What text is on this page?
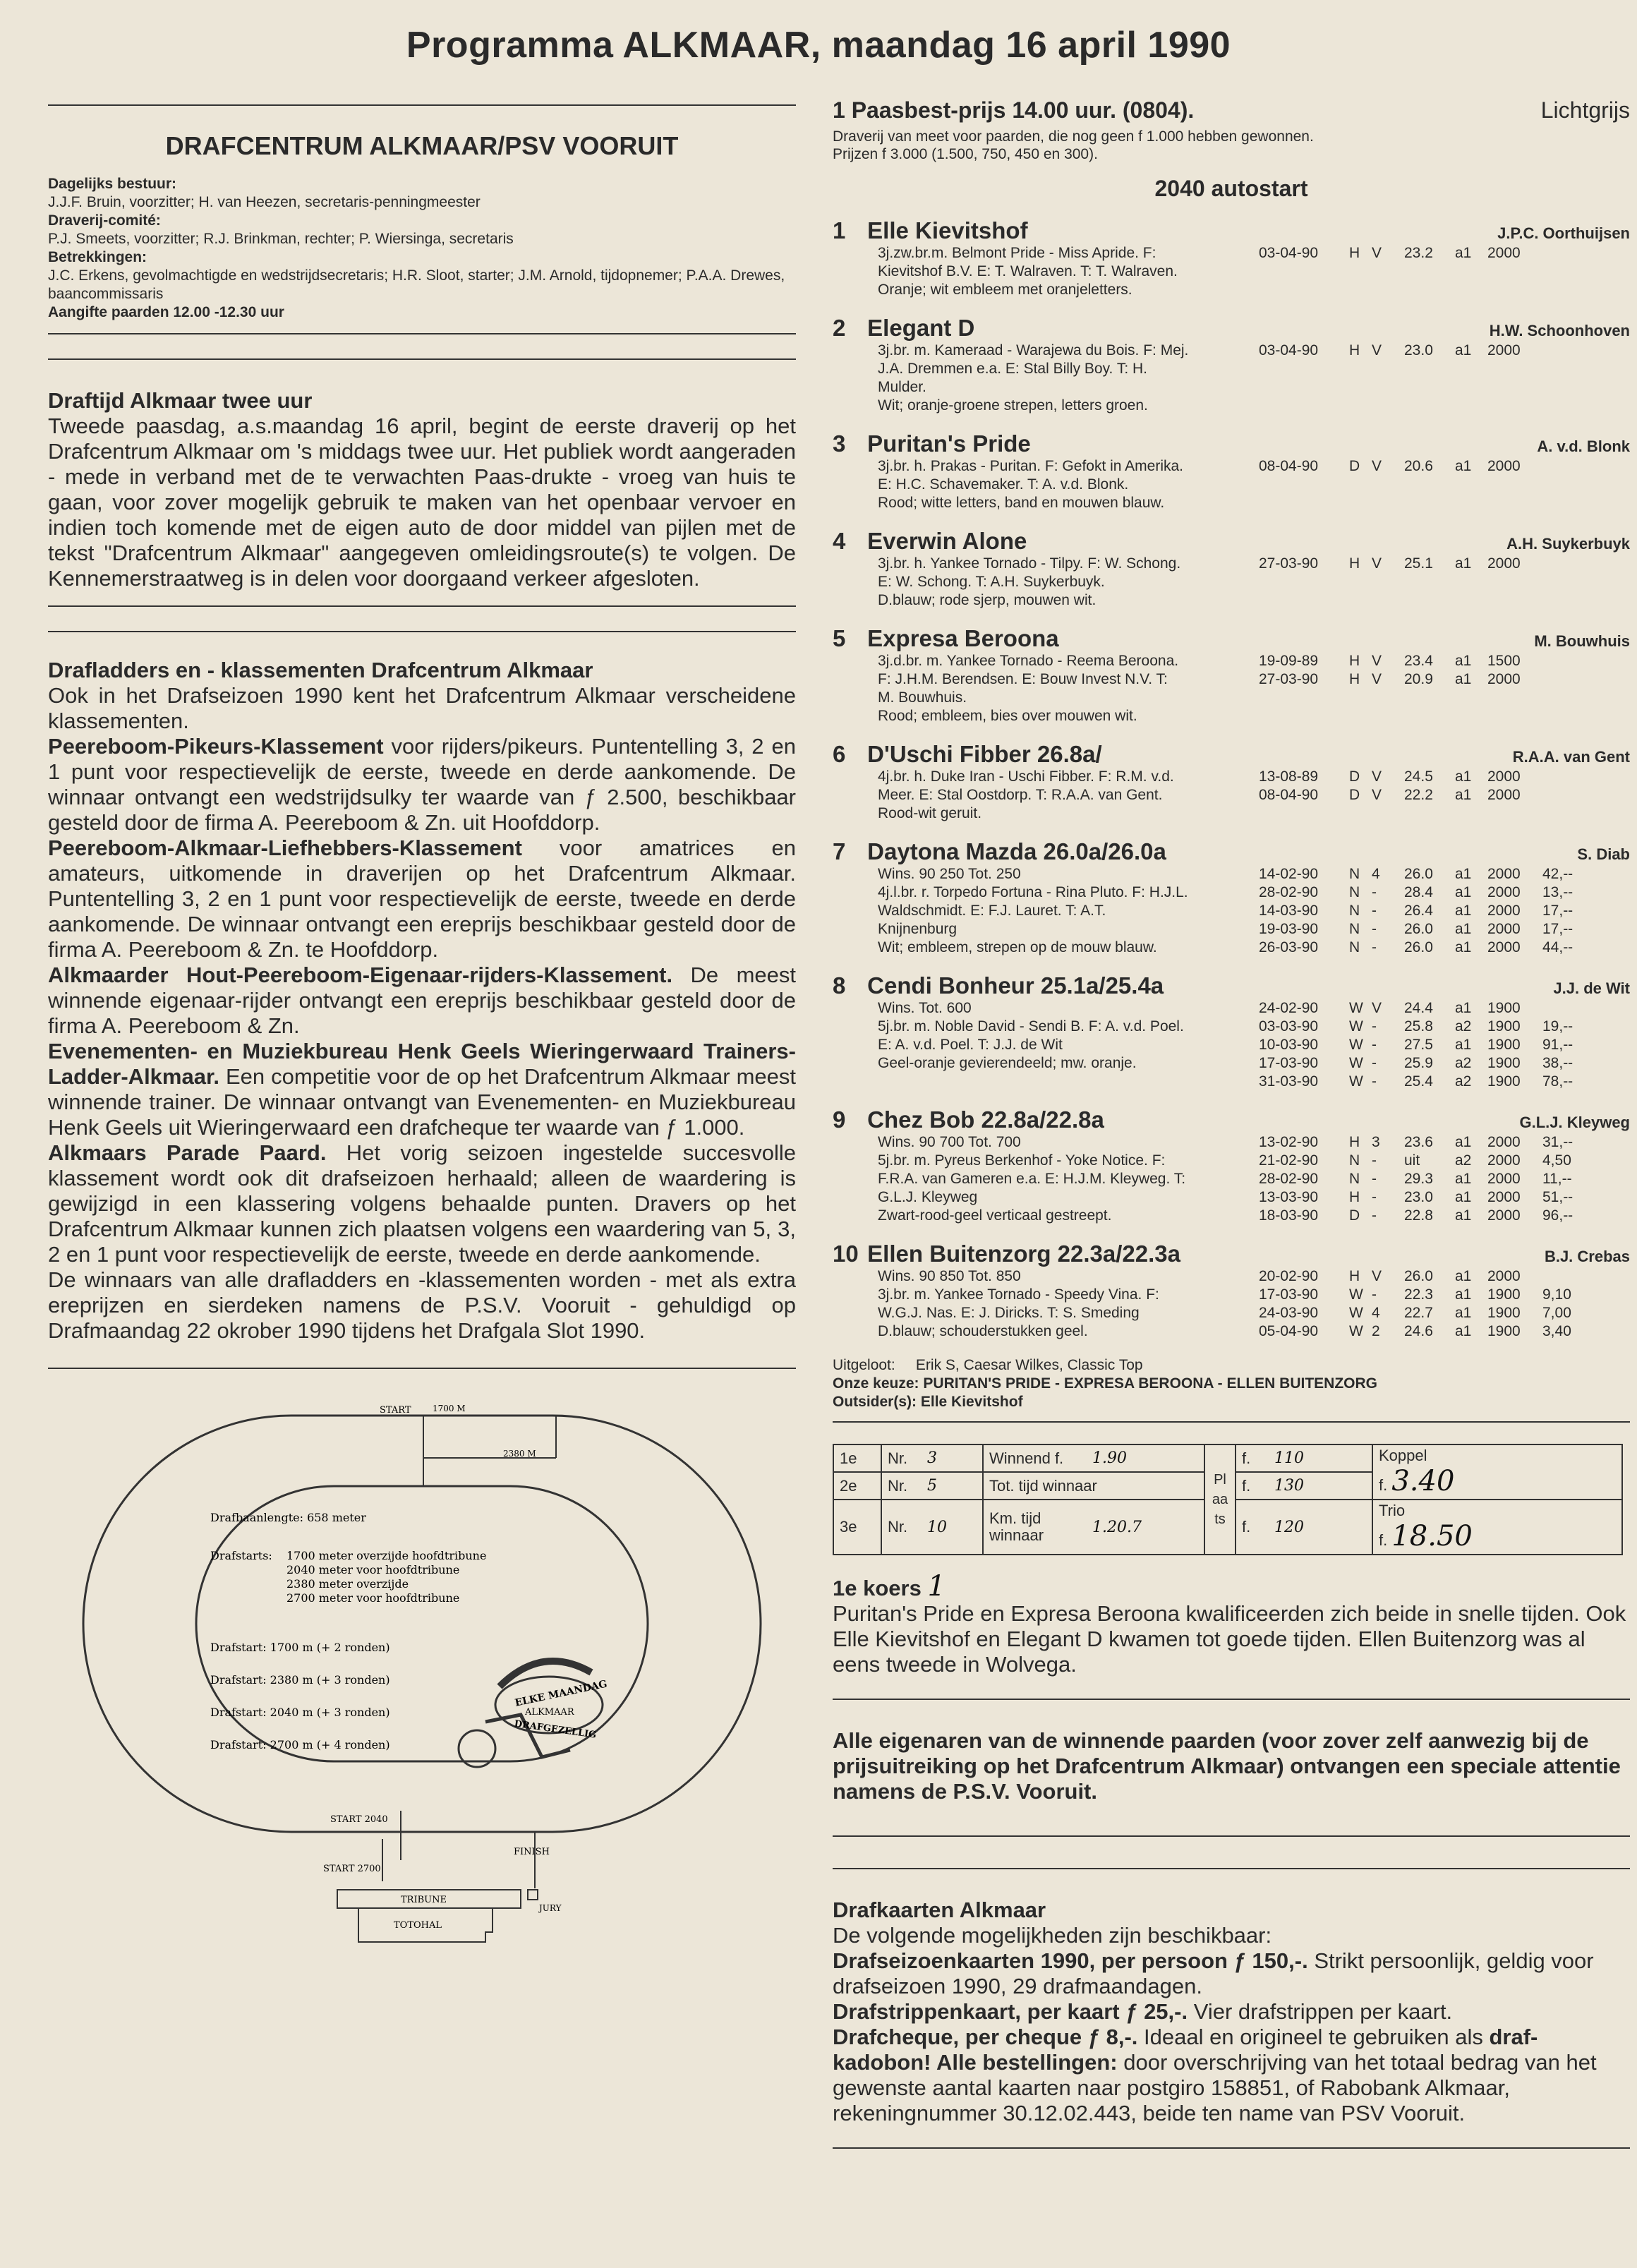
Programma ALKMAAR, maandag 16 april 1990
DRAFCENTRUM ALKMAAR/PSV VOORUIT
Dagelijks bestuur:
J.J.F. Bruin, voorzitter; H. van Heezen, secretaris-penningmeester
Draverij-comité:
P.J. Smeets, voorzitter; R.J. Brinkman, rechter; P. Wiersinga, secretaris
Betrekkingen:
J.C. Erkens, gevolmachtigde en wedstrijdsecretaris; H.R. Sloot, starter; J.M. Arnold, tijdopnemer; P.A.A. Drewes, baancommissaris
Aangifte paarden 12.00 -12.30 uur
Draftijd Alkmaar twee uur
Tweede paasdag, a.s.maandag 16 april, begint de eerste draverij op het Drafcentrum Alkmaar om 's middags twee uur. Het publiek wordt aangeraden - mede in verband met de te verwachten Paas-drukte - vroeg van huis te gaan, voor zover mogelijk gebruik te maken van het openbaar vervoer en indien toch komende met de eigen auto de door middel van pijlen met de tekst "Drafcentrum Alkmaar" aangegeven omleidingsroute(s) te volgen. De Kennemerstraatweg is in delen voor doorgaand verkeer afgesloten.
Drafladders en - klassementen Drafcentrum Alkmaar
Ook in het Drafseizoen 1990 kent het Drafcentrum Alkmaar verscheidene klassementen.
Peereboom-Pikeurs-Klassement voor rijders/pikeurs. Puntentelling 3, 2 en 1 punt voor respectievelijk de eerste, tweede en derde aankomende. De winnaar ontvangt een wedstrijdsulky ter waarde van ƒ 2.500, beschikbaar gesteld door de firma A. Peereboom & Zn. uit Hoofddorp.
Peereboom-Alkmaar-Liefhebbers-Klassement voor amatrices en amateurs, uitkomende in draverijen op het Drafcentrum Alkmaar. Puntentelling 3, 2 en 1 punt voor respectievelijk de eerste, tweede en derde aankomende. De winnaar ontvangt een ereprijs beschikbaar gesteld door de firma A. Peereboom & Zn. te Hoofddorp.
Alkmaarder Hout-Peereboom-Eigenaar-rijders-Klassement. De meest winnende eigenaar-rijder ontvangt een ereprijs beschikbaar gesteld door de firma A. Peereboom & Zn.
Evenementen- en Muziekbureau Henk Geels Wieringerwaard Trainers-Ladder-Alkmaar. Een competitie voor de op het Drafcentrum Alkmaar meest winnende trainer. De winnaar ontvangt van Evenementen- en Muziekbureau Henk Geels uit Wieringerwaard een drafcheque ter waarde van ƒ 1.000.
Alkmaars Parade Paard. Het vorig seizoen ingestelde succesvolle klassement wordt ook dit drafseizoen herhaald; alleen de waardering is gewijzigd in een klassering volgens behaalde punten. Dravers op het Drafcentrum Alkmaar kunnen zich plaatsen volgens een waardering van 5, 3, 2 en 1 punt voor respectievelijk de eerste, tweede en derde aankomende.
De winnaars van alle drafladders en -klassementen worden - met als extra ereprijzen en sierdeken namens de P.S.V. Vooruit - gehuldigd op Drafmaandag 22 okrober 1990 tijdens het Drafgala Slot 1990.
START	1700 M
2380 M
Drafbaanlengte: 658 meter
Drafstarts: 1700 meter overzijde hoofdtribune
2040 meter voor hoofdtribune
2380 meter overzijde
2700 meter voor hoofdtribune
Drafstart: 1700 m (+ 2 ronden)
Drafstart: 2380 m (+ 3 ronden)
Drafstart: 2040 m (+ 3 ronden)
Drafstart: 2700 m (+ 4 ronden)
ELKE MAANDAG
ALKMAAR
DRAFGEZELLIG
START 2040
START 2700
FINISH
TRIBUNE
JURY
TOTOHAL
1 Paasbest-prijs 14.00 uur. (0804).	Lichtgrijs
Draverij van meet voor paarden, die nog geen f 1.000 hebben gewonnen.
Prijzen f 3.000 (1.500, 750, 450 en 300).
2040 autostart
1 Elle Kievitshof	J.P.C. Oorthuijsen
3j.zw.br.m. Belmont Pride - Miss Apride. F:
Kievitshof B.V. E: T. Walraven. T: T. Walraven.
Oranje; wit embleem met oranjeletters.
03-04-90	H V	23.2	a1	2000
2 Elegant D	H.W. Schoonhoven
3j.br. m. Kameraad - Warajewa du Bois. F: Mej.
J.A. Dremmen e.a. E: Stal Billy Boy. T: H.
Mulder.
Wit; oranje-groene strepen, letters groen.
03-04-90	H V	23.0	a1	2000
3 Puritan's Pride	A. v.d. Blonk
3j.br. h. Prakas - Puritan. F: Gefokt in Amerika.
E: H.C. Schavemaker. T: A. v.d. Blonk.
Rood; witte letters, band en mouwen blauw.
08-04-90	D V	20.6	a1	2000
4 Everwin Alone	A.H. Suykerbuyk
3j.br. h. Yankee Tornado - Tilpy. F: W. Schong.
E: W. Schong. T: A.H. Suykerbuyk.
D.blauw; rode sjerp, mouwen wit.
27-03-90	H V	25.1	a1	2000
5 Expresa Beroona	M. Bouwhuis
3j.d.br. m. Yankee Tornado - Reema Beroona.
F: J.H.M. Berendsen. E: Bouw Invest N.V. T:
M. Bouwhuis.
Rood; embleem, bies over mouwen wit.
19-09-89	H V	23.4	a1	1500
27-03-90	H V	20.9	a1	2000
6 D'Uschi Fibber 26.8a/	R.A.A. van Gent
4j.br. h. Duke Iran - Uschi Fibber. F: R.M. v.d.
Meer. E: Stal Oostdorp. T: R.A.A. van Gent.
Rood-wit geruit.
13-08-89	D V	24.5	a1	2000
08-04-90	D V	22.2	a1	2000
7 Daytona Mazda 26.0a/26.0a	S. Diab
Wins. 90 250 Tot. 250
4j.l.br. r. Torpedo Fortuna - Rina Pluto. F: H.J.L.
Waldschmidt. E: F.J. Lauret. T: A.T.
Knijnenburg
Wit; embleem, strepen op de mouw blauw.
14-02-90	N 4	26.0	a1	2000	42,--
28-02-90	N -	28.4	a1	2000	13,--
14-03-90	N -	26.4	a1	2000	17,--
19-03-90	N -	26.0	a1	2000	17,--
26-03-90	N -	26.0	a1	2000	44,--
8 Cendi Bonheur 25.1a/25.4a	J.J. de Wit
Wins. Tot. 600
5j.br. m. Noble David - Sendi B. F: A. v.d. Poel.
E: A. v.d. Poel. T: J.J. de Wit
Geel-oranje gevierendeeld; mw. oranje.
24-02-90	W V	24.4	a1	1900
03-03-90	W -	25.8	a2	1900	19,--
10-03-90	W -	27.5	a1	1900	91,--
17-03-90	W -	25.9	a2	1900	38,--
31-03-90	W -	25.4	a2	1900	78,--
9 Chez Bob 22.8a/22.8a	G.L.J. Kleyweg
Wins. 90 700 Tot. 700
5j.br. m. Pyreus Berkenhof - Yoke Notice. F:
F.R.A. van Gameren e.a. E: H.J.M. Kleyweg. T:
G.L.J. Kleyweg
Zwart-rood-geel verticaal gestreept.
13-02-90	H 3	23.6	a1	2000	31,--
21-02-90	N -	uit	a2	2000	4,50
28-02-90	N -	29.3	a1	2000	11,--
13-03-90	H -	23.0	a1	2000	51,--
18-03-90	D -	22.8	a1	2000	96,--
10 Ellen Buitenzorg 22.3a/22.3a	B.J. Crebas
Wins. 90 850 Tot. 850
3j.br. m. Yankee Tornado - Speedy Vina. F:
W.G.J. Nas. E: J. Diricks. T: S. Smeding
D.blauw; schouderstukken geel.
20-02-90	H V	26.0	a1	2000
17-03-90	W -	22.3	a1	1900	9,10
24-03-90	W 4	22.7	a1	1900	7,00
05-04-90	W 2	24.6	a1	1900	3,40
Uitgeloot: Erik S, Caesar Wilkes, Classic Top
Onze keuze: PURITAN'S PRIDE - EXPRESA BEROONA - ELLEN BUITENZORG
Outsider(s): Elle Kievitshof
1e	Nr.	3	Winnend f.	1.90	Plaats	f.	110	Koppel
f. 3.40

2e	Nr.	5	Tot. tijd winnaar			f.	130	
3e	Nr.	10	Km. tijd winnaar	1.20.7		f.	120	Trio
f. 18.50
1e koers 1
Puritan's Pride en Expresa Beroona kwalificeerden zich beide in snelle tijden. Ook Elle Kievitshof en Elegant D kwamen tot goede tijden. Ellen Buitenzorg was al eens tweede in Wolvega.
Alle eigenaren van de winnende paarden (voor zover zelf aanwezig bij de prijsuitreiking op het Drafcentrum Alkmaar) ontvangen een speciale attentie namens de P.S.V. Vooruit.
Drafkaarten Alkmaar
De volgende mogelijkheden zijn beschikbaar:
Drafseizoenkaarten 1990, per persoon ƒ 150,-. Strikt persoonlijk, geldig voor drafseizoen 1990, 29 drafmaandagen.
Drafstrippenkaart, per kaart ƒ 25,-. Vier drafstrippen per kaart.
Drafcheque, per cheque ƒ 8,-. Ideaal en origineel te gebruiken als draf-kadobon! Alle bestellingen: door overschrijving van het totaal bedrag van het gewenste aantal kaarten naar postgiro 158851, of Rabobank Alkmaar, rekeningnummer 30.12.02.443, beide ten name van PSV Vooruit.
